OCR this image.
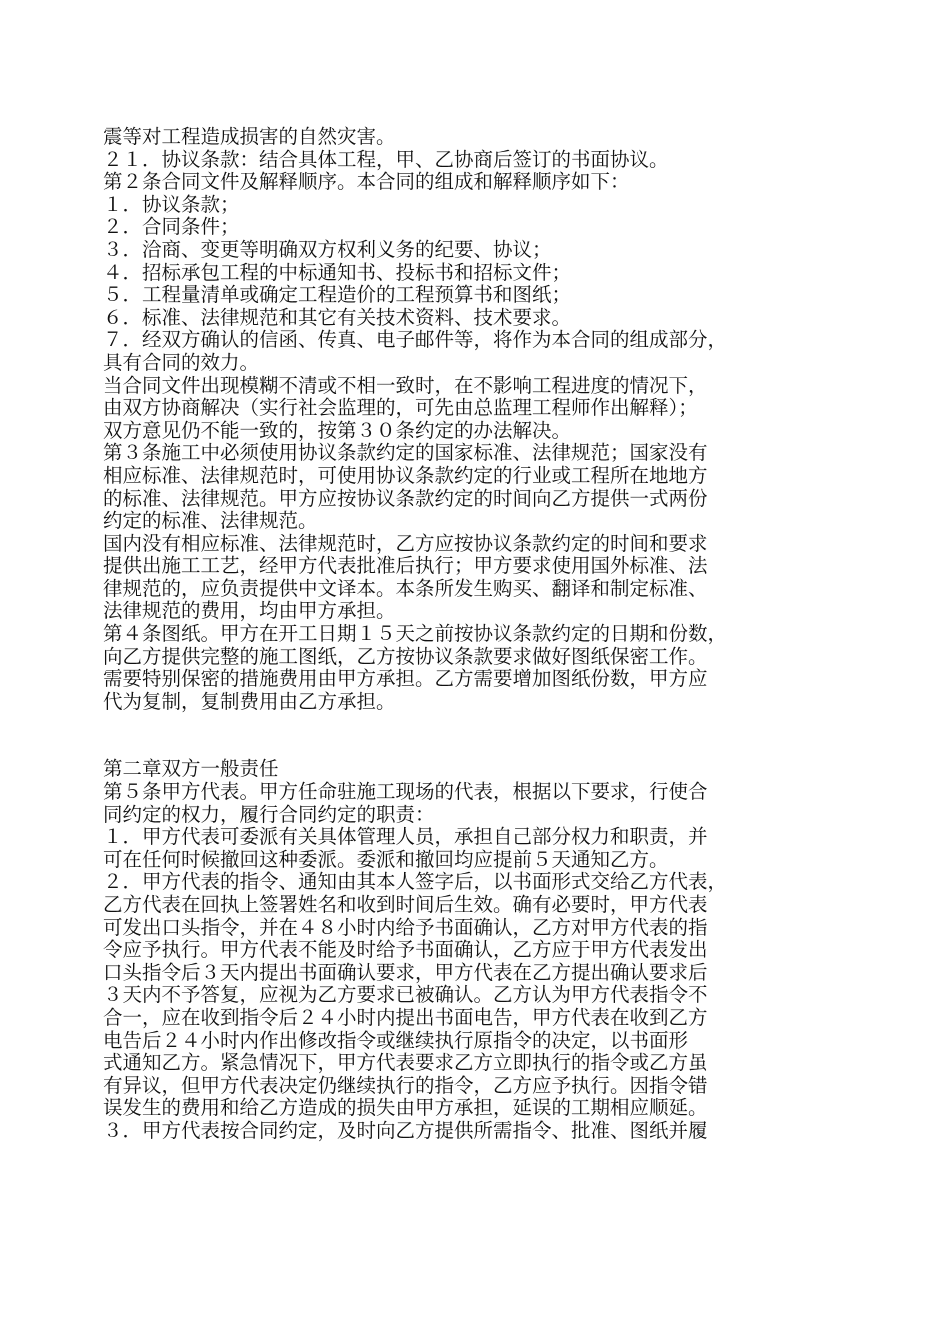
震等对工程造成损害的自然灾害。
２１．协议条款：结合具体工程，甲、乙协商后签订的书面协议。
第２条合同文件及解释顺序。本合同的组成和解释顺序如下：
１．协议条款；
２．合同条件；
３．洽商、变更等明确双方权利义务的纪要、协议；
４．招标承包工程的中标通知书、投标书和招标文件；
５．工程量清单或确定工程造价的工程预算书和图纸；
６．标准、法律规范和其它有关技术资料、技术要求。
７．经双方确认的信函、传真、电子邮件等，将作为本合同的组成部分，
具有合同的效力。
当合同文件出现模糊不清或不相一致时，在不影响工程进度的情况下，
由双方协商解决（实行社会监理的，可先由总监理工程师作出解释）；
双方意见仍不能一致的，按第３０条约定的办法解决。
第３条施工中必须使用协议条款约定的国家标准、法律规范；国家没有
相应标准、法律规范时，可使用协议条款约定的行业或工程所在地地方
的标准、法律规范。甲方应按协议条款约定的时间向乙方提供一式两份
约定的标准、法律规范。
国内没有相应标准、法律规范时，乙方应按协议条款约定的时间和要求
提供出施工工艺，经甲方代表批准后执行；甲方要求使用国外标准、法
律规范的，应负责提供中文译本。本条所发生购买、翻译和制定标准、
法律规范的费用，均由甲方承担。
第４条图纸。甲方在开工日期１５天之前按协议条款约定的日期和份数，
向乙方提供完整的施工图纸，乙方按协议条款要求做好图纸保密工作。
需要特别保密的措施费用由甲方承担。乙方需要增加图纸份数，甲方应
代为复制，复制费用由乙方承担。
第二章双方一般责任
第５条甲方代表。甲方任命驻施工现场的代表，根据以下要求，行使合
同约定的权力，履行合同约定的职责：
１．甲方代表可委派有关具体管理人员，承担自己部分权力和职责，并
可在任何时候撤回这种委派。委派和撤回均应提前５天通知乙方。
２．甲方代表的指令、通知由其本人签字后，以书面形式交给乙方代表，
乙方代表在回执上签署姓名和收到时间后生效。确有必要时，甲方代表
可发出口头指令，并在４８小时内给予书面确认，乙方对甲方代表的指
令应予执行。甲方代表不能及时给予书面确认，乙方应于甲方代表发出
口头指令后３天内提出书面确认要求，甲方代表在乙方提出确认要求后
３天内不予答复，应视为乙方要求已被确认。乙方认为甲方代表指令不
合一，应在收到指令后２４小时内提出书面电告，甲方代表在收到乙方
电告后２４小时内作出修改指令或继续执行原指令的决定，以书面形
式通知乙方。紧急情况下，甲方代表要求乙方立即执行的指令或乙方虽
有异议，但甲方代表决定仍继续执行的指令，乙方应予执行。因指令错
误发生的费用和给乙方造成的损失由甲方承担，延误的工期相应顺延。
３．甲方代表按合同约定，及时向乙方提供所需指令、批准、图纸并履
